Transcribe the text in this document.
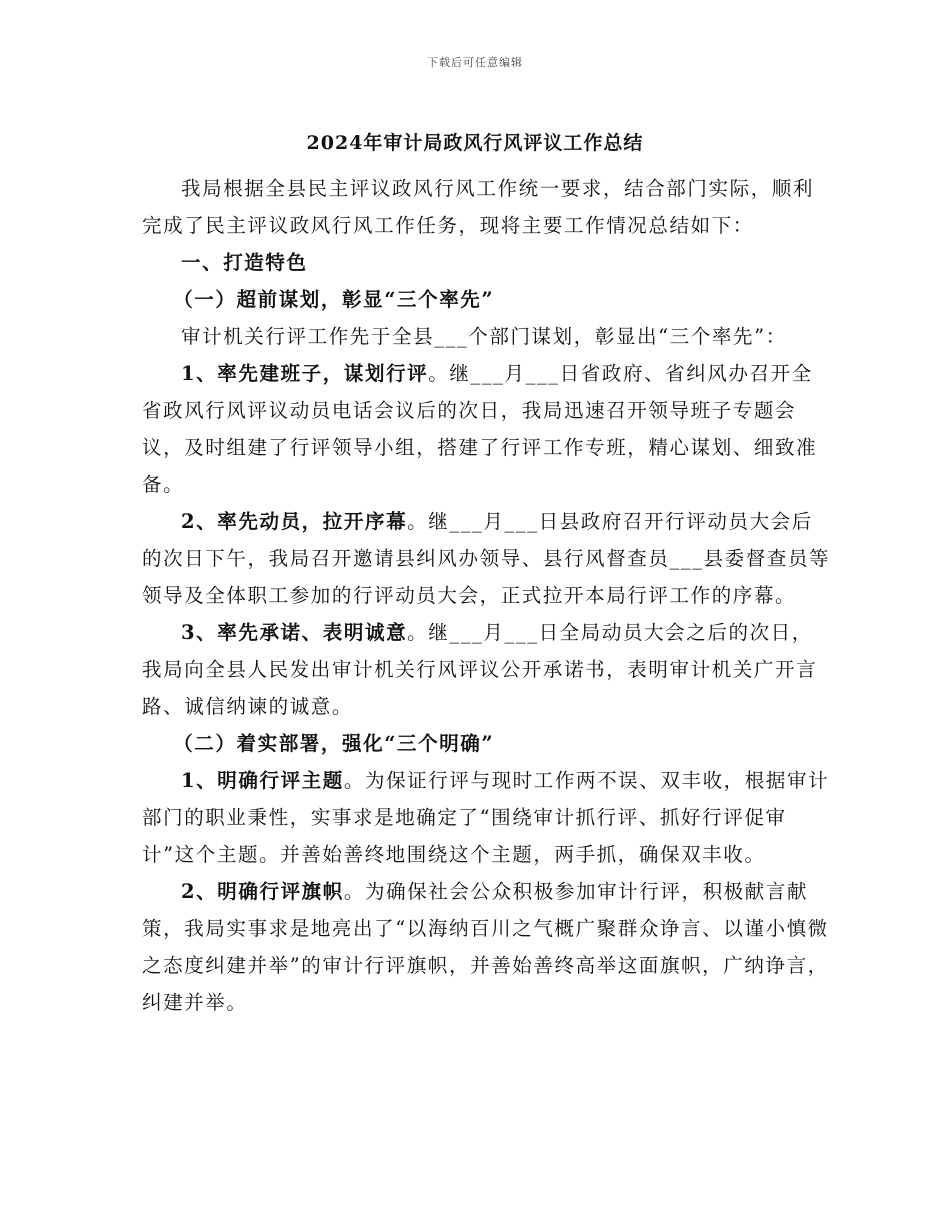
下载后可任意编辑
2024年审计局政风行风评议工作总结

我局根据全县民主评议政风行风工作统一要求，结合部门实际，顺利完成了民主评议政风行风工作任务，现将主要工作情况总结如下：

一、打造特色

（一）超前谋划，彰显“三个率先”

审计机关行评工作先于全县___个部门谋划，彰显出“三个率先”：

1、率先建班子，谋划行评。继___月___日省政府、省纠风办召开全省政风行风评议动员电话会议后的次日，我局迅速召开领导班子专题会议，及时组建了行评领导小组，搭建了行评工作专班，精心谋划、细致准备。

2、率先动员，拉开序幕。继___月___日县政府召开行评动员大会后的次日下午，我局召开邀请县纠风办领导、县行风督查员___县委督查员等领导及全体职工参加的行评动员大会，正式拉开本局行评工作的序幕。

3、率先承诺、表明诚意。继___月___日全局动员大会之后的次日，我局向全县人民发出审计机关行风评议公开承诺书，表明审计机关广开言路、诚信纳谏的诚意。

（二）着实部署，强化“三个明确”

1、明确行评主题。为保证行评与现时工作两不误、双丰收，根据审计部门的职业秉性，实事求是地确定了“围绕审计抓行评、抓好行评促审计”这个主题。并善始善终地围绕这个主题，两手抓，确保双丰收。

2、明确行评旗帜。为确保社会公众积极参加审计行评，积极献言献策，我局实事求是地亮出了“以海纳百川之气概广聚群众诤言、以谨小慎微之态度纠建并举”的审计行评旗帜，并善始善终高举这面旗帜，广纳诤言，纠建并举。
